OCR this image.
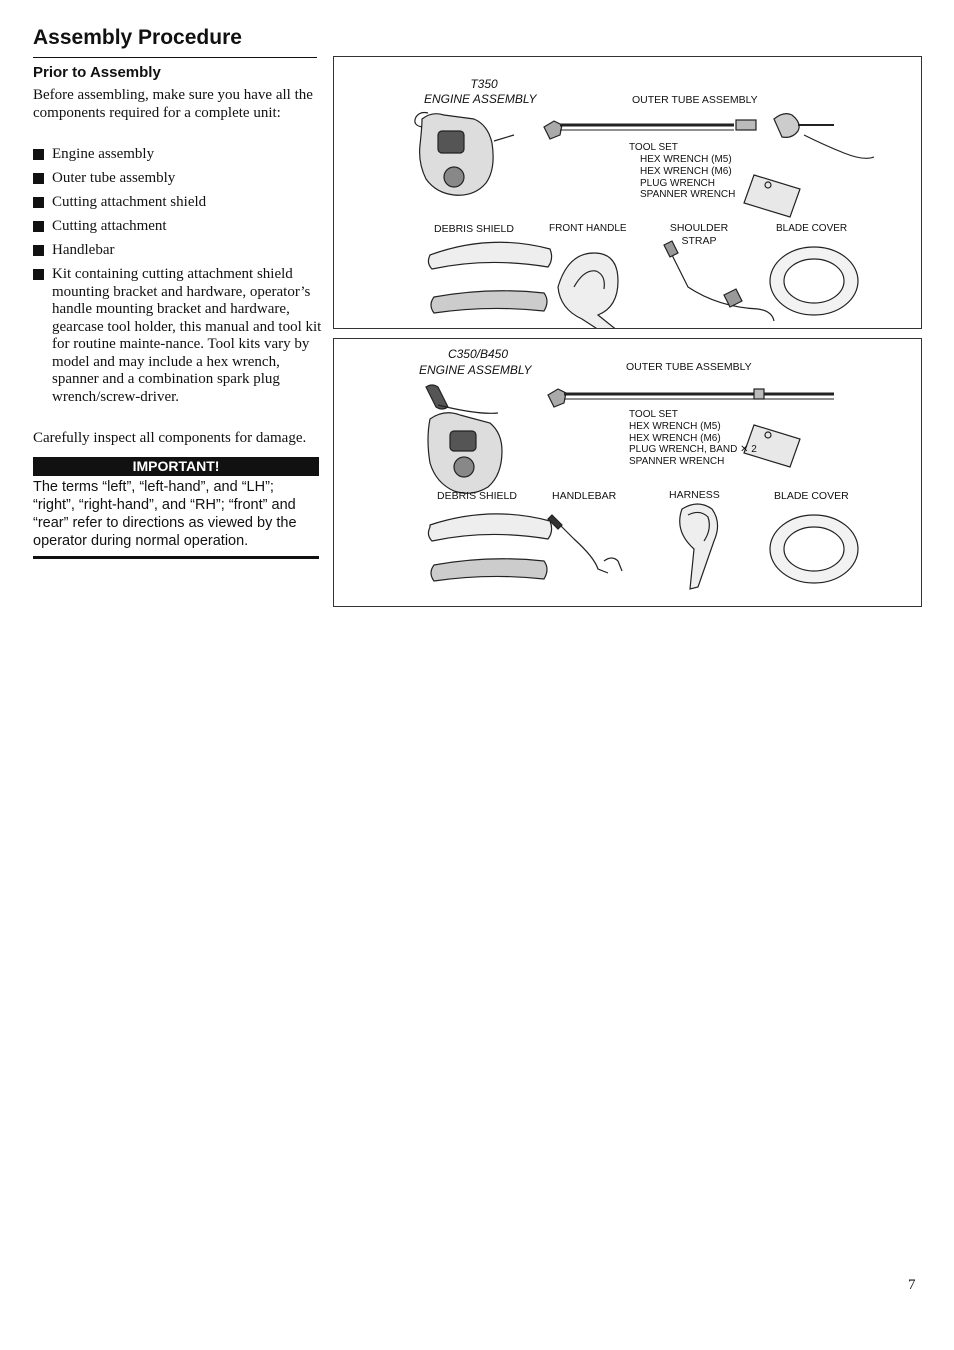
Assembly Procedure
Prior to Assembly

Before assembling, make sure you have all the components required for a complete unit:

Engine assembly
Outer tube assembly
Cutting attachment shield
Cutting attachment
Handlebar
Kit containing cutting attachment shield mounting bracket and hardware, operator’s handle mounting bracket and hardware, gearcase tool holder, this manual and tool kit for routine mainte-nance. Tool kits vary by model and may include a hex wrench, spanner and a combination spark plug wrench/screw-driver.

Carefully inspect all components for damage.

IMPORTANT!

The terms “left”, “left-hand”, and “LH”; “right”, “right-hand”, and “RH”; “front” and “rear” refer to directions as viewed by the operator during normal operation.

T350
ENGINE ASSEMBLY	OUTER TUBE ASSEMBLY
TOOL SET
HEX WRENCH (M5)
HEX WRENCH (M6)
PLUG WRENCH
SPANNER WRENCH
DEBRIS SHIELD	FRONT HANDLE	SHOULDER
STRAP
BLADE COVER
C350/B450
ENGINE ASSEMBLY	OUTER TUBE ASSEMBLY
TOOL SET
HEX WRENCH (M5)
HEX WRENCH (M6)
PLUG WRENCH, BAND ✕ 2
SPANNER WRENCH
DEBRIS SHIELD	HANDLEBAR	HARNESS	BLADE COVER
7
